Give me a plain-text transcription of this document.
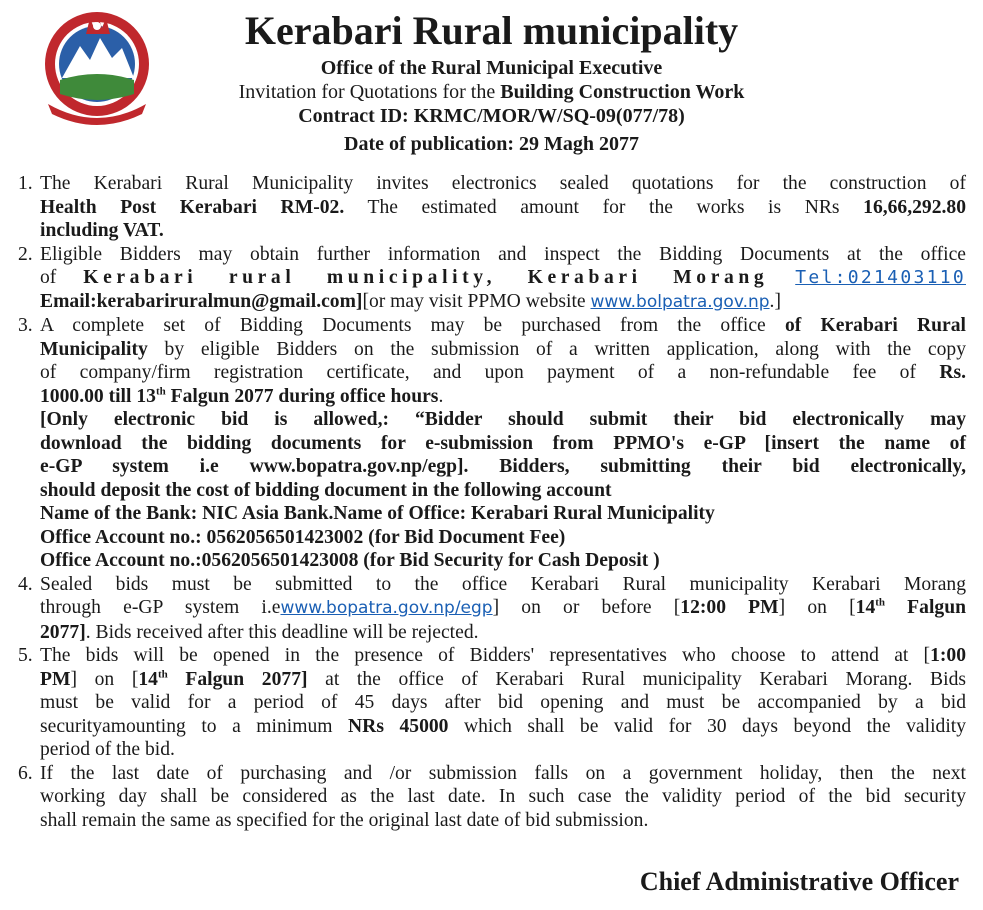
Kerabari Rural municipality
Office of the Rural Municipal Executive
Invitation for Quotations for the Building Construction Work
Contract ID: KRMC/MOR/W/SQ-09(077/78)
Date of publication: 29 Magh 2077
1. The Kerabari Rural Municipality invites electronics sealed quotations for the construction of
Health Post Kerabari RM-02. The estimated amount for the works is NRs 16,66,292.80
including VAT.
2. Eligible Bidders may obtain further information and inspect the Bidding Documents at the office
of Kerabari rural municipality, Kerabari Morang Tel:021403110
Email:kerabariruralmun@gmail.com][or may visit PPMO website www.bolpatra.gov.np.]
3. A complete set of Bidding Documents may be purchased from the office of Kerabari Rural
Municipality by eligible Bidders on the submission of a written application, along with the copy
of company/firm registration certificate, and upon payment of a non-refundable fee of Rs.
1000.00 till 13th Falgun 2077 during office hours.
[Only electronic bid is allowed,: “Bidder should submit their bid electronically may
download the bidding documents for e-submission from PPMO's e-GP [insert the name of
e-GP system i.e www.bopatra.gov.np/egp]. Bidders, submitting their bid electronically,
should deposit the cost of bidding document in the following account
Name of the Bank: NIC Asia Bank.Name of Office: Kerabari Rural Municipality
Office Account no.: 0562056501423002 (for Bid Document Fee)
Office Account no.:0562056501423008 (for Bid Security for Cash Deposit )
4. Sealed bids must be submitted to the office Kerabari Rural municipality Kerabari Morang
through e-GP system i.ewww.bopatra.gov.np/egp] on or before [12:00 PM] on [14th Falgun
2077]. Bids received after this deadline will be rejected.
5. The bids will be opened in the presence of Bidders' representatives who choose to attend at [1:00
PM] on [14th Falgun 2077] at the office of Kerabari Rural municipality Kerabari Morang. Bids
must be valid for a period of 45 days after bid opening and must be accompanied by a bid
securityamounting to a minimum NRs 45000 which shall be valid for 30 days beyond the validity
period of the bid.
6. If the last date of purchasing and /or submission falls on a government holiday, then the next
working day shall be considered as the last date. In such case the validity period of the bid security
shall remain the same as specified for the original last date of bid submission.
Chief Administrative Officer
